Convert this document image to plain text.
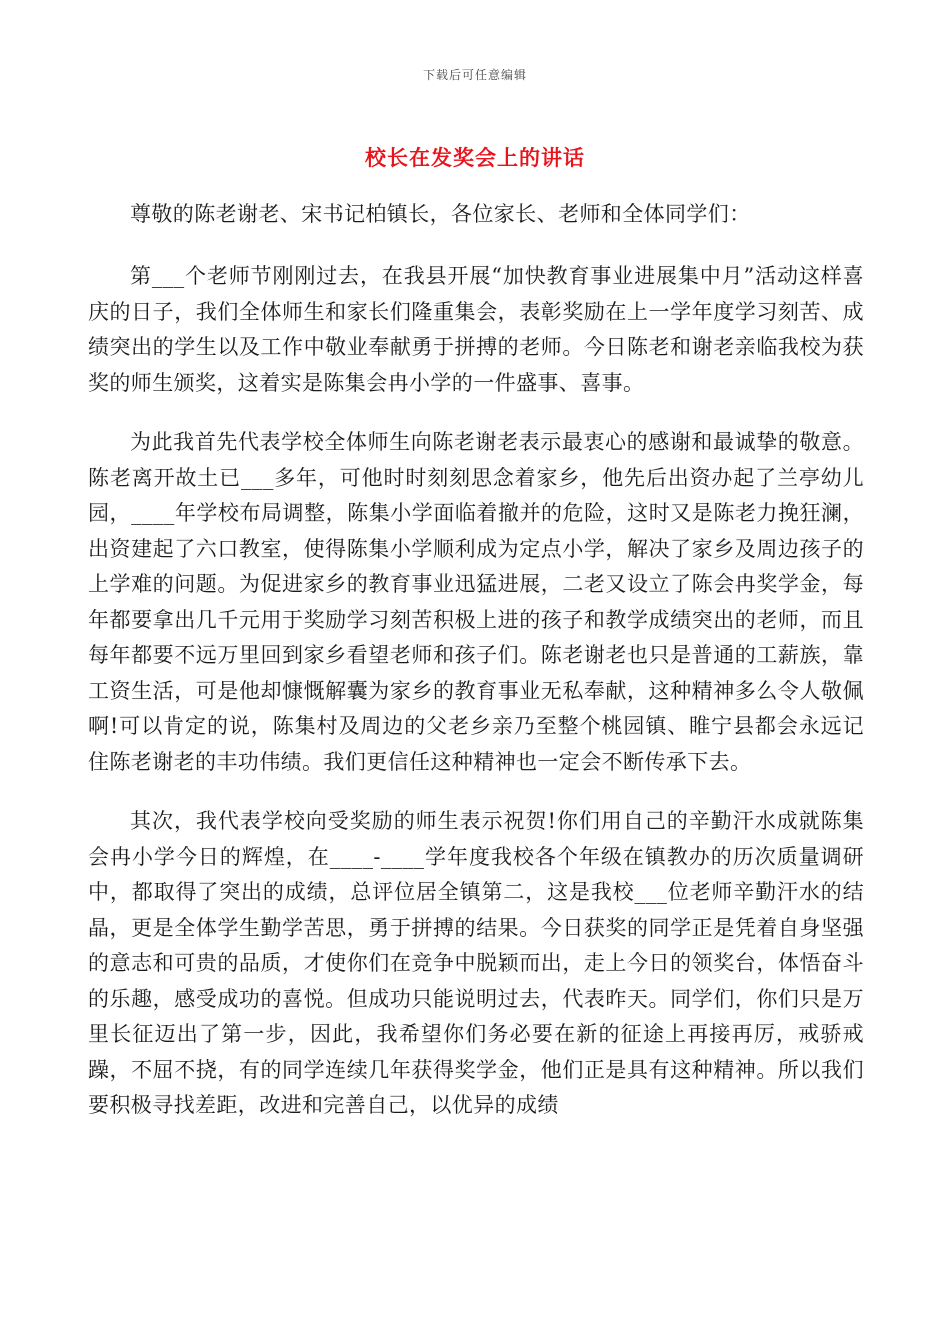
下载后可任意编辑
校长在发奖会上的讲话

尊敬的陈老谢老、宋书记柏镇长，各位家长、老师和全体同学们：

第___个老师节刚刚过去，在我县开展“加快教育事业进展集中月”活动这样喜庆的日子，我们全体师生和家长们隆重集会，表彰奖励在上一学年度学习刻苦、成绩突出的学生以及工作中敬业奉献勇于拼搏的老师。今日陈老和谢老亲临我校为获奖的师生颁奖，这着实是陈集会冉小学的一件盛事、喜事。

为此我首先代表学校全体师生向陈老谢老表示最衷心的感谢和最诚挚的敬意。陈老离开故土已___多年，可他时时刻刻思念着家乡，他先后出资办起了兰亭幼儿园，____年学校布局调整，陈集小学面临着撤并的危险，这时又是陈老力挽狂澜，出资建起了六口教室，使得陈集小学顺利成为定点小学，解决了家乡及周边孩子的上学难的问题。为促进家乡的教育事业迅猛进展，二老又设立了陈会冉奖学金，每年都要拿出几千元用于奖励学习刻苦积极上进的孩子和教学成绩突出的老师，而且每年都要不远万里回到家乡看望老师和孩子们。陈老谢老也只是普通的工薪族，靠工资生活，可是他却慷慨解囊为家乡的教育事业无私奉献，这种精神多么令人敬佩啊!可以肯定的说，陈集村及周边的父老乡亲乃至整个桃园镇、睢宁县都会永远记住陈老谢老的丰功伟绩。我们更信任这种精神也一定会不断传承下去。

其次，我代表学校向受奖励的师生表示祝贺!你们用自己的辛勤汗水成就陈集会冉小学今日的辉煌，在____-____学年度我校各个年级在镇教办的历次质量调研中，都取得了突出的成绩，总评位居全镇第二，这是我校___位老师辛勤汗水的结晶，更是全体学生勤学苦思，勇于拼搏的结果。今日获奖的同学正是凭着自身坚强的意志和可贵的品质，才使你们在竞争中脱颖而出，走上今日的领奖台，体悟奋斗的乐趣，感受成功的喜悦。但成功只能说明过去，代表昨天。同学们，你们只是万里长征迈出了第一步，因此，我希望你们务必要在新的征途上再接再厉，戒骄戒躁，不屈不挠，有的同学连续几年获得奖学金，他们正是具有这种精神。所以我们要积极寻找差距，改进和完善自己，以优异的成绩
